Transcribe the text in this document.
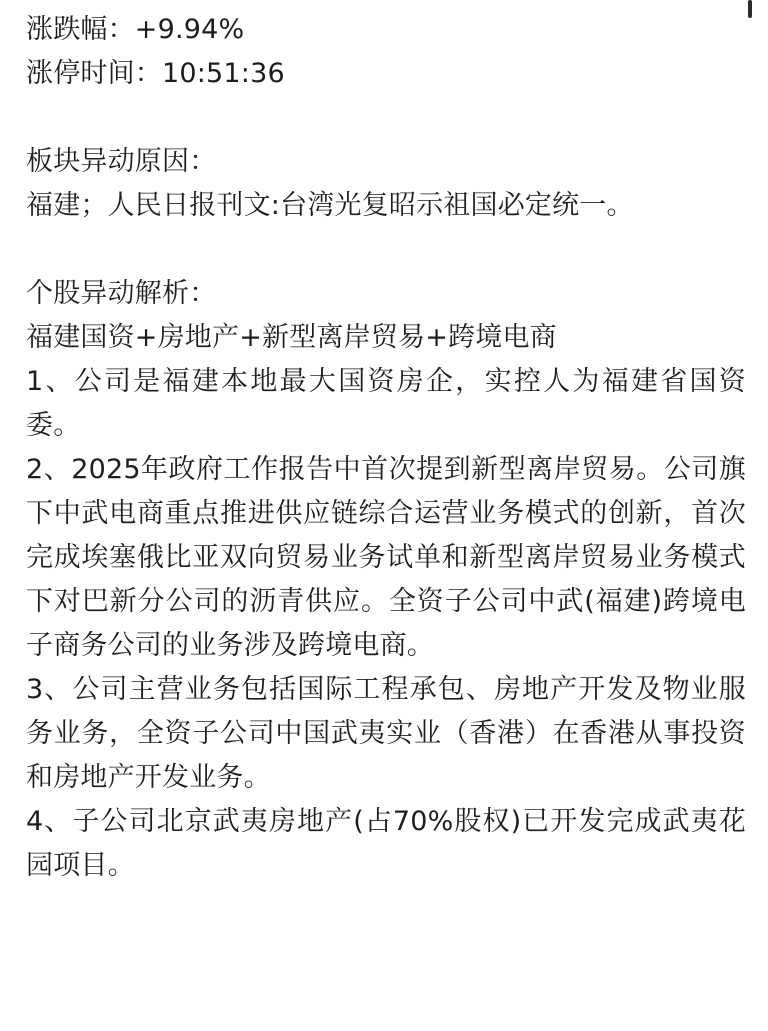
涨跌幅：+9.94%
涨停时间：10:51:36
板块异动原因：
福建；人民日报刊文:台湾光复昭示祖国必定统一。
个股异动解析：
福建国资+房地产+新型离岸贸易+跨境电商

1、公司是福建本地最大国资房企，实控人为福建省国资委。

2、2025年政府工作报告中首次提到新型离岸贸易。公司旗下中武电商重点推进供应链综合运营业务模式的创新，首次完成埃塞俄比亚双向贸易业务试单和新型离岸贸易业务模式下对巴新分公司的沥青供应。全资子公司中武(福建)跨境电子商务公司的业务涉及跨境电商。

3、公司主营业务包括国际工程承包、房地产开发及物业服务业务，全资子公司中国武夷实业（香港）在香港从事投资和房地产开发业务。

4、子公司北京武夷房地产(占70%股权)已开发完成武夷花园项目。
